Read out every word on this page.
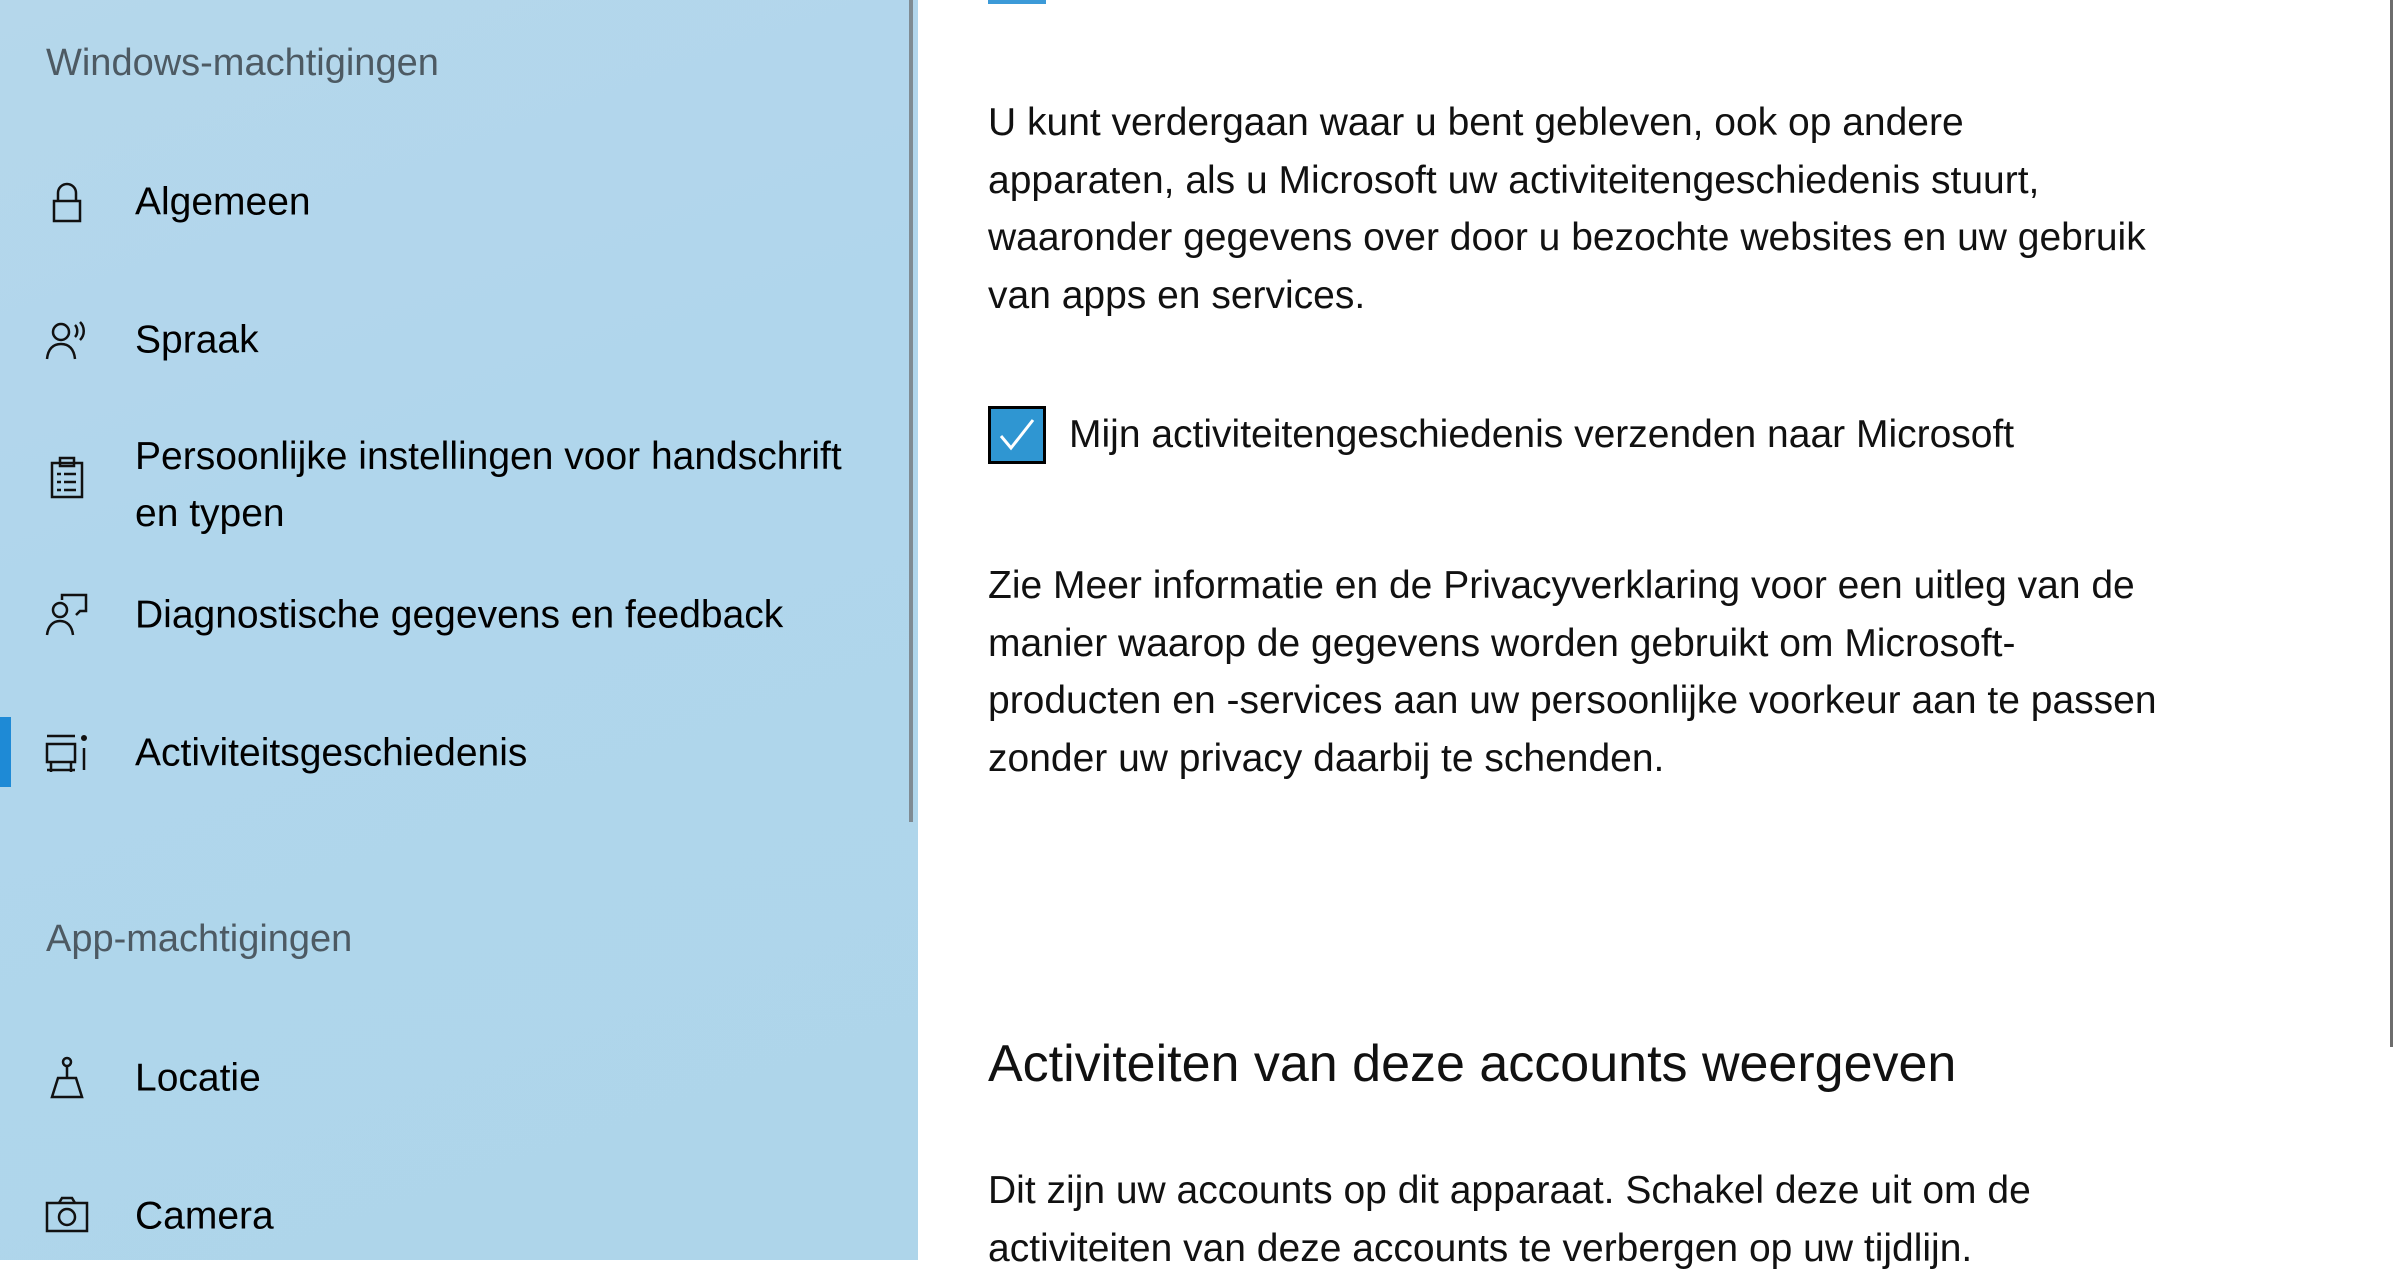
Windows-machtigingen
Algemeen
Spraak
Persoonlijke instellingen voor handschrift
en typen
Diagnostische gegevens en feedback
Activiteitsgeschiedenis
App-machtigingen
Locatie
Camera
U kunt verdergaan waar u bent gebleven, ook op andere
apparaten, als u Microsoft uw activiteitengeschiedenis stuurt,
waaronder gegevens over door u bezochte websites en uw gebruik
van apps en services.
Mijn activiteitengeschiedenis verzenden naar Microsoft
Zie Meer informatie en de Privacyverklaring voor een uitleg van de
manier waarop de gegevens worden gebruikt om Microsoft-
producten en -services aan uw persoonlijke voorkeur aan te passen
zonder uw privacy daarbij te schenden.
Activiteiten van deze accounts weergeven
Dit zijn uw accounts op dit apparaat. Schakel deze uit om de
activiteiten van deze accounts te verbergen op uw tijdlijn.
